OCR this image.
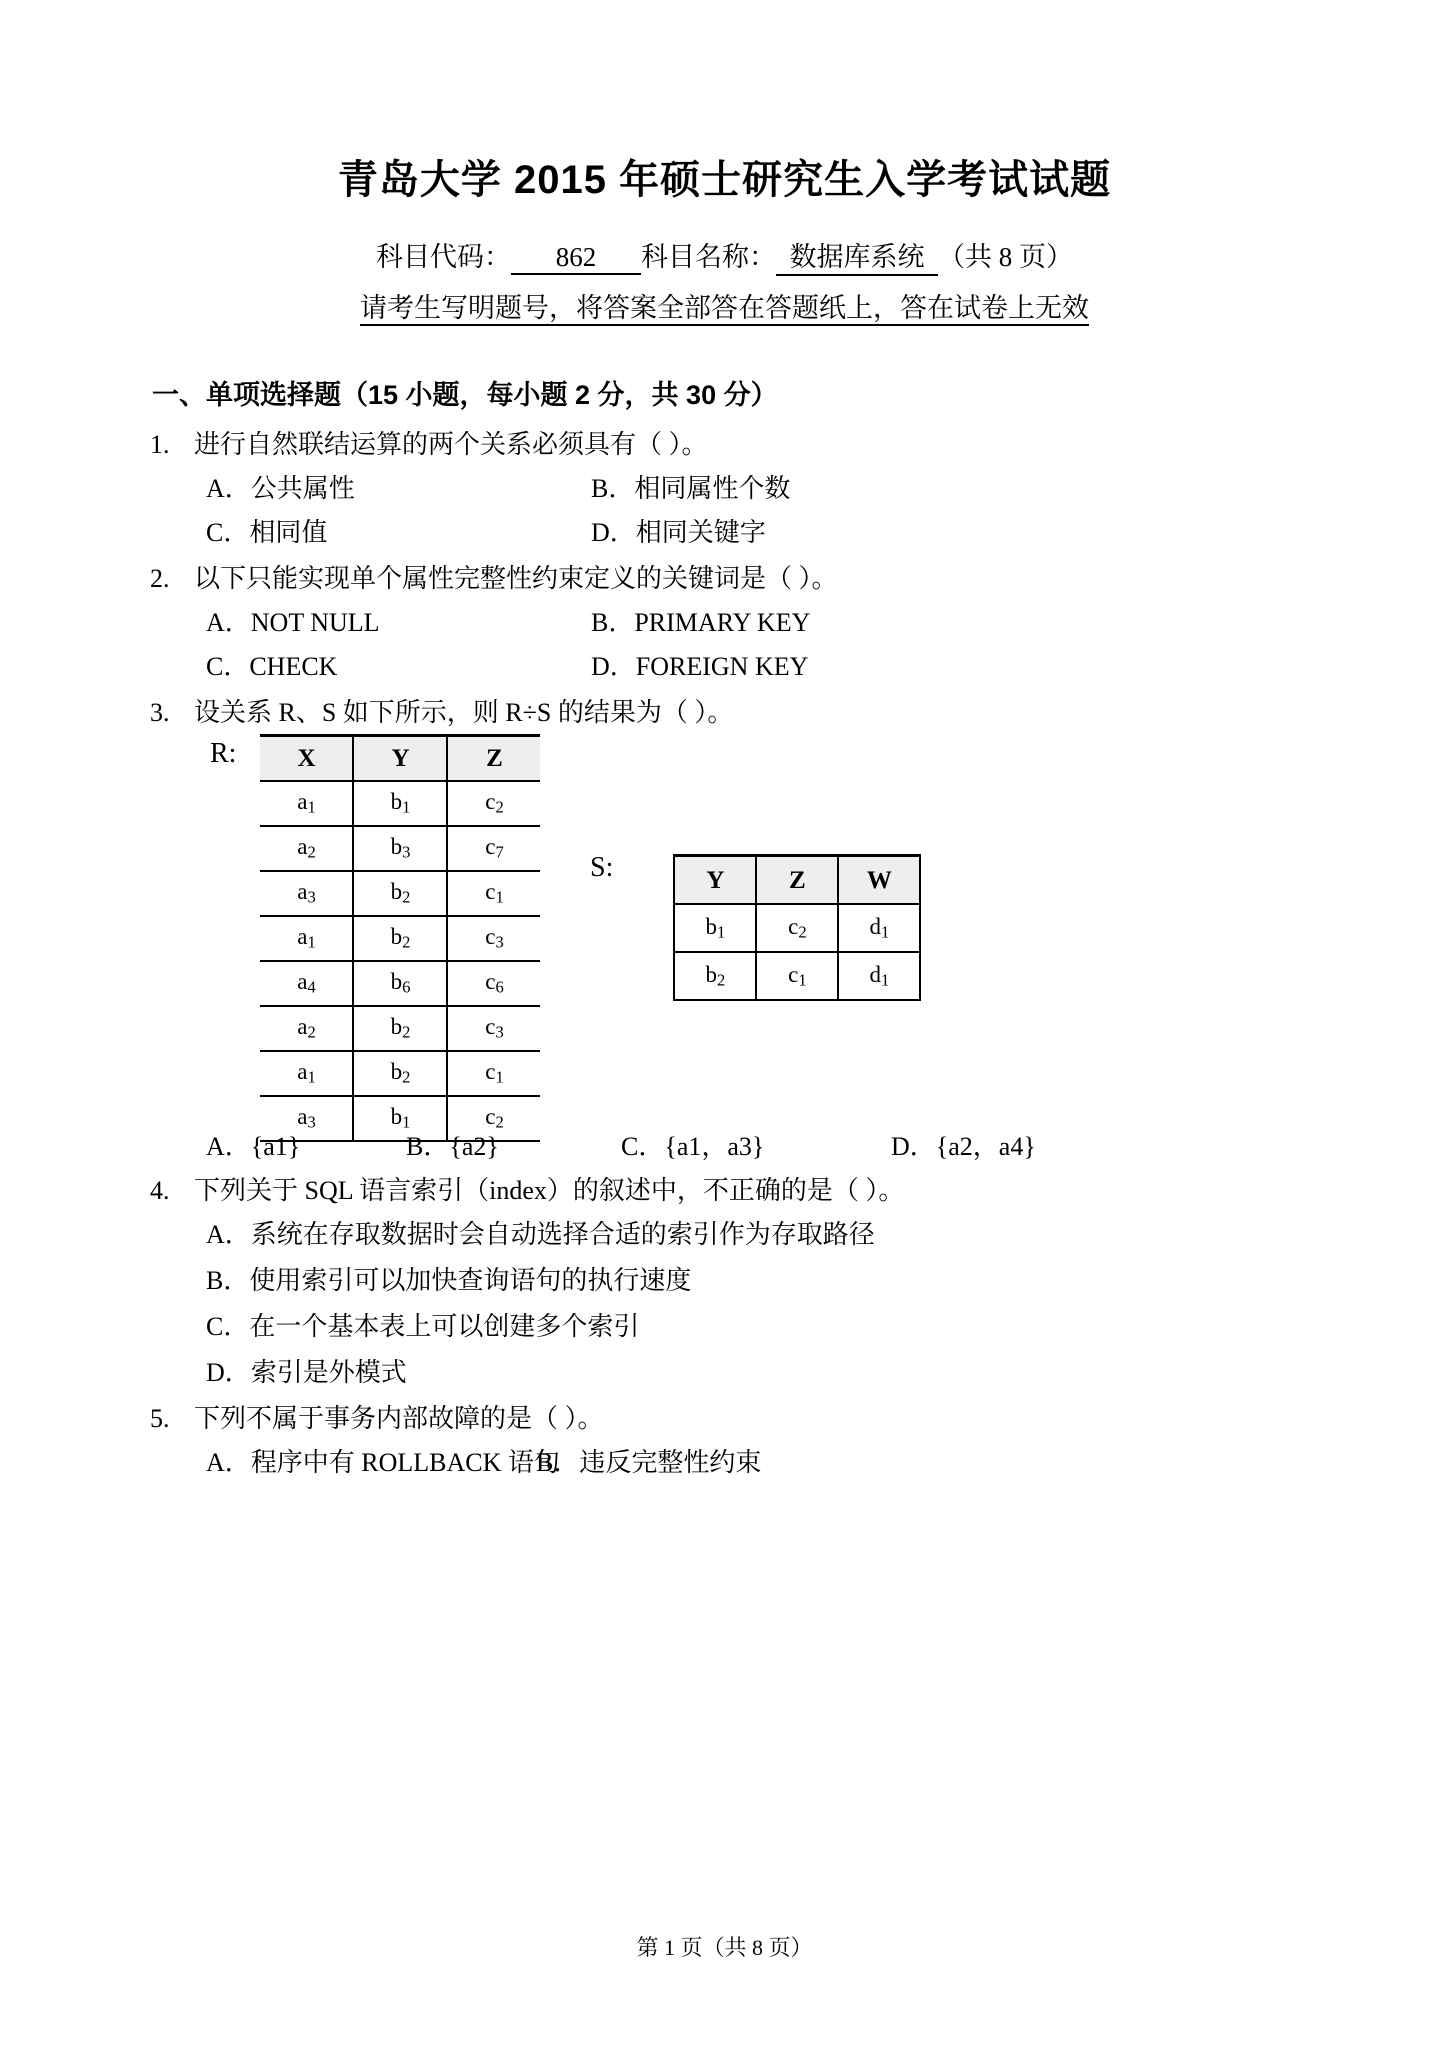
青岛大学 2015 年硕士研究生入学考试试题
科目代码： 862 科目名称： 数据库系统 （共 8 页）
请考生写明题号，将答案全部答在答题纸上，答在试卷上无效
一、单项选择题（15 小题，每小题 2 分，共 30 分）
1. 进行自然联结运算的两个关系必须具有（ ）。
A．公共属性	B．相同属性个数
C．相同值	D．相同关键字
2. 以下只能实现单个属性完整性约束定义的关键词是（ ）。
A．NOT NULL	B．PRIMARY KEY
C．CHECK	D．FOREIGN KEY
3. 设关系 R、S 如下所示，则 R÷S 的结果为（ ）。
R: X	Y	Z
$a_1$	$b_1$	$c_2$
$a_2$	$b_3$	$c_7$
$a_3$	$b_2$	$c_1$
$a_1$	$b_2$	$c_3$
$a_4$	$b_6$	$c_6$
$a_2$	$b_2$	$c_3$
$a_1$	$b_2$	$c_1$
$a_3$	$b_1$	$c_2$
S:	Y	Z	W
$b_1$	$c_2$	$d_1$
$b_2$	$c_1$	$d_1$
A．{a1}	B．{a2}	C．{a1，a3}	D．{a2，a4}
4. 下列关于 SQL 语言索引（index）的叙述中，不正确的是（ ）。
A．系统在存取数据时会自动选择合适的索引作为存取路径
B．使用索引可以加快查询语句的执行速度
C．在一个基本表上可以创建多个索引
D．索引是外模式
5. 下列不属于事务内部故障的是（ ）。
A．程序中有 ROLLBACK 语句
B．违反完整性约束
第 1 页（共 8 页）
